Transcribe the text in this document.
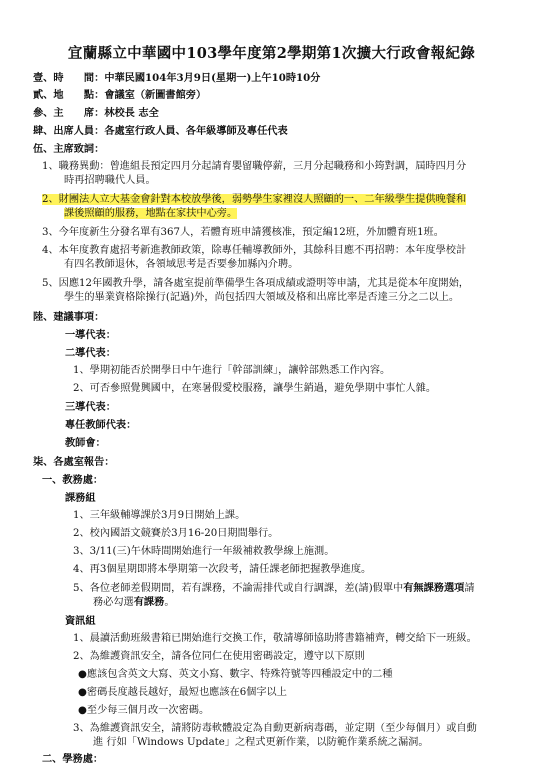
宜蘭縣立中華國中103學年度第2學期第1次擴大行政會報紀錄
壹、時　　間：中華民國104年3月9日(星期一)上午10時10分
貳、地　　點：會議室（新圖書館旁）
參、主　　席：林校長 志全
肆、出席人員：各處室行政人員、各年級導師及專任代表
伍、主席致詞：
1、職務異動：曾進組長預定四月分起請育嬰留職停薪，三月分起職務和小筠對調，屆時四月分
時再招聘職代人員。
2、財團法人立大基金會針對本校放學後，弱勢學生家裡沒人照顧的一、二年級學生提供晚餐和
課後照顧的服務，地點在家扶中心旁。
3、今年度新生分發名單有367人，若體育班申請獲核准，預定編12班，外加體育班1班。
4、本年度教育處招考新進教師政策，除專任輔導教師外，其餘科目應不再招聘：本年度學校計
有四名教師退休，各領域思考是否要參加縣內介聘。
5、因應12年國教升學，請各處室提前準備學生各項成績或證明等申請，尤其是從本年度開始，
學生的畢業資格除操行(記過)外，尚包括四大領域及格和出席比率是否達三分之二以上。
陸、建議事項：
一導代表：
二導代表：
1、學期初能否於開學日中午進行「幹部訓練」，讓幹部熟悉工作內容。
2、可否參照覺興國中，在寒暑假愛校服務，讓學生銷過，避免學期中事忙人雜。
三導代表：
專任教師代表：
教師會：
柒、各處室報告：
一、教務處：
課務組
1、三年級輔導課於3月9日開始上課。
2、校內國語文競賽於3月16-20日期間舉行。
3、3/11(三)午休時間開始進行一年級補救教學線上施測。
4、再3個星期即將本學期第一次段考，請任課老師把握教學進度。
5、各位老師差假期間，若有課務，不論需排代或自行調課，差(請)假單中有無課務選項請
務必勾選有課務。
資訊組
1、晨讀活動班級書箱已開始進行交換工作，敬請導師協助將書籍補齊，轉交給下一班級。
2、為維護資訊安全，請各位同仁在使用密碼設定，遵守以下原則
●應該包含英文大寫、英文小寫、數字、特殊符號等四種設定中的二種
●密碼長度越長越好，最短也應該在6個字以上
●至少每三個月改一次密碼。
3、為維護資訊安全，請將防毒軟體設定為自動更新病毒碼，並定期（至少每個月）或自動
進 行如「Windows Update」之程式更新作業，以防範作業系統之漏洞。
二、學務處：
